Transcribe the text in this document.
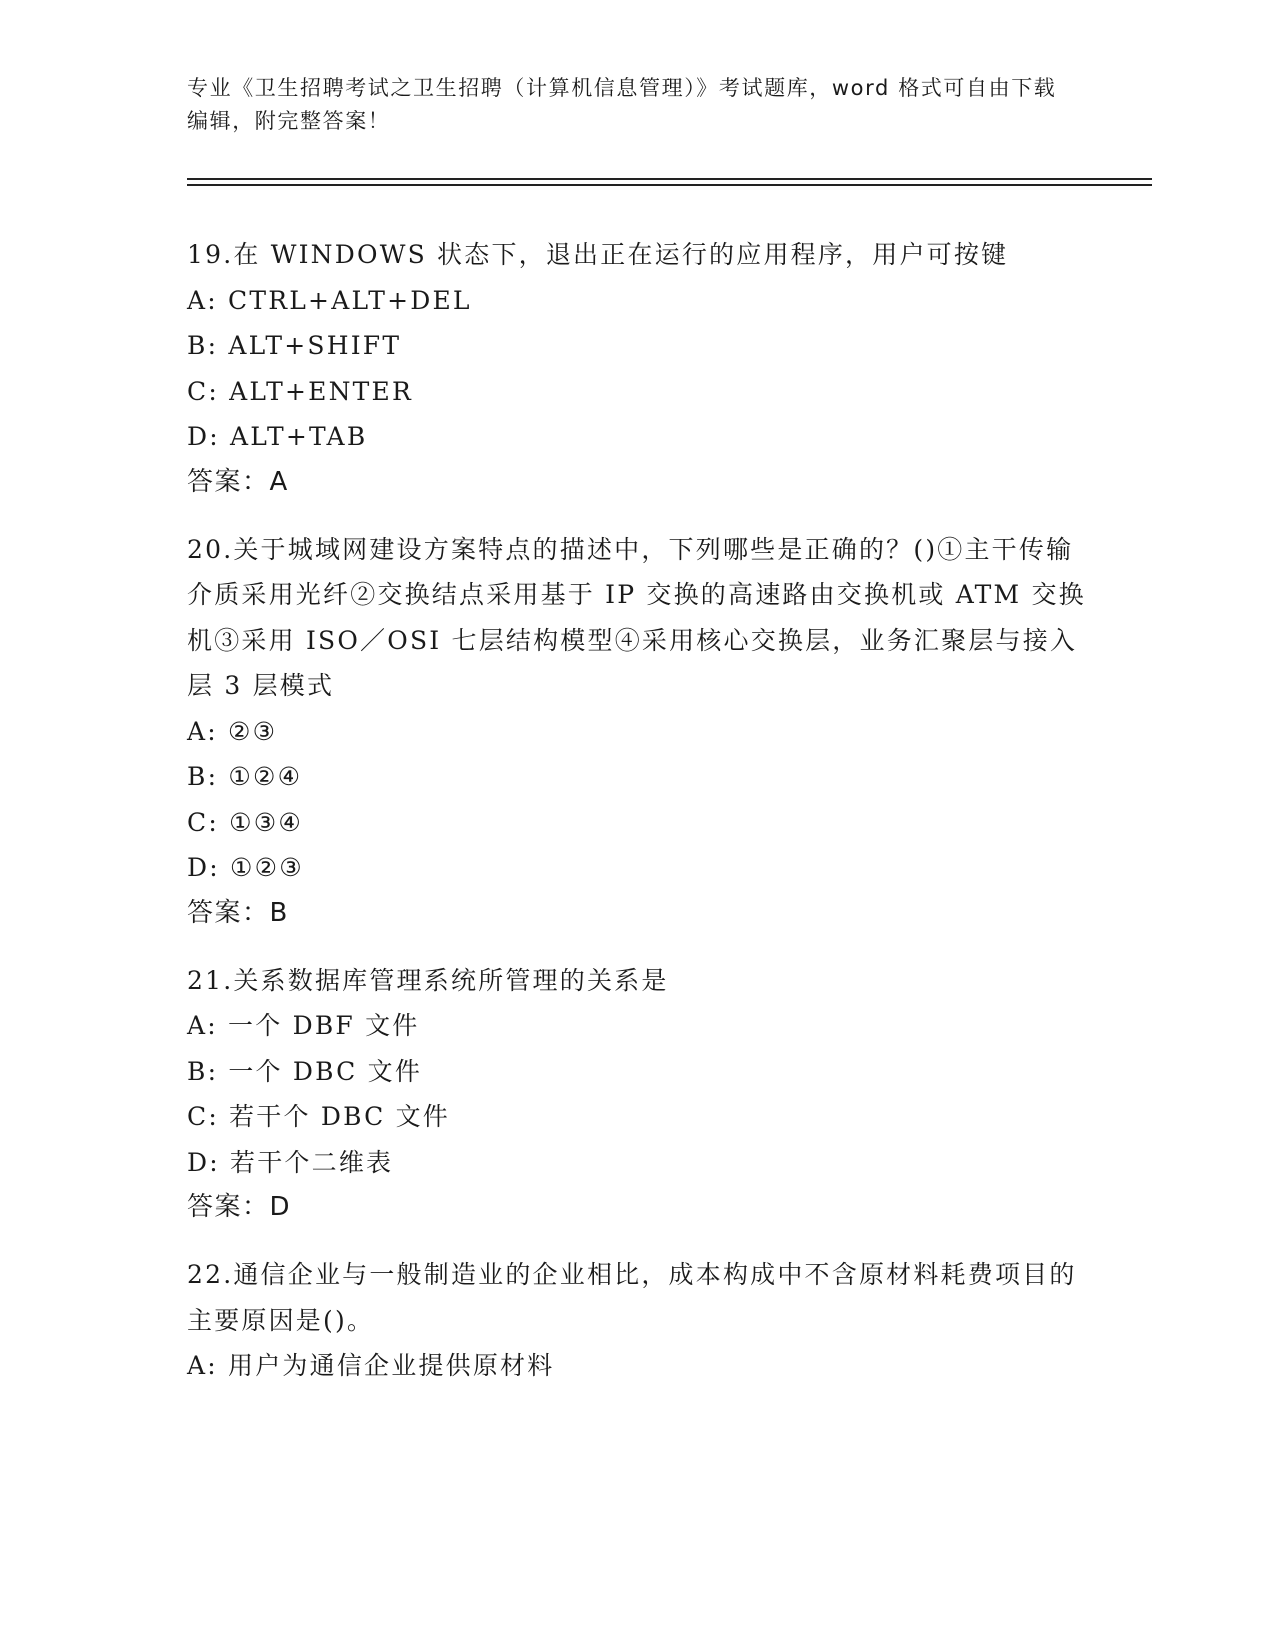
专业《卫生招聘考试之卫生招聘（计算机信息管理）》考试题库，word 格式可自由下载编辑，附完整答案！

19.在 WINDOWS 状态下，退出正在运行的应用程序，用户可按键

A: CTRL+ALT+DEL

B: ALT+SHIFT

C: ALT+ENTER

D: ALT+TAB

答案：A

20.关于城域网建设方案特点的描述中，下列哪些是正确的？()①主干传输介质采用光纤②交换结点采用基于 IP 交换的高速路由交换机或 ATM 交换机③采用 ISO／OSI 七层结构模型④采用核心交换层，业务汇聚层与接入层 3 层模式

A: ②③

B: ①②④

C: ①③④

D: ①②③

答案：B

21.关系数据库管理系统所管理的关系是

A: 一个 DBF 文件

B: 一个 DBC 文件

C: 若干个 DBC 文件

D: 若干个二维表

答案：D

22.通信企业与一般制造业的企业相比，成本构成中不含原材料耗费项目的主要原因是()。

A: 用户为通信企业提供原材料
